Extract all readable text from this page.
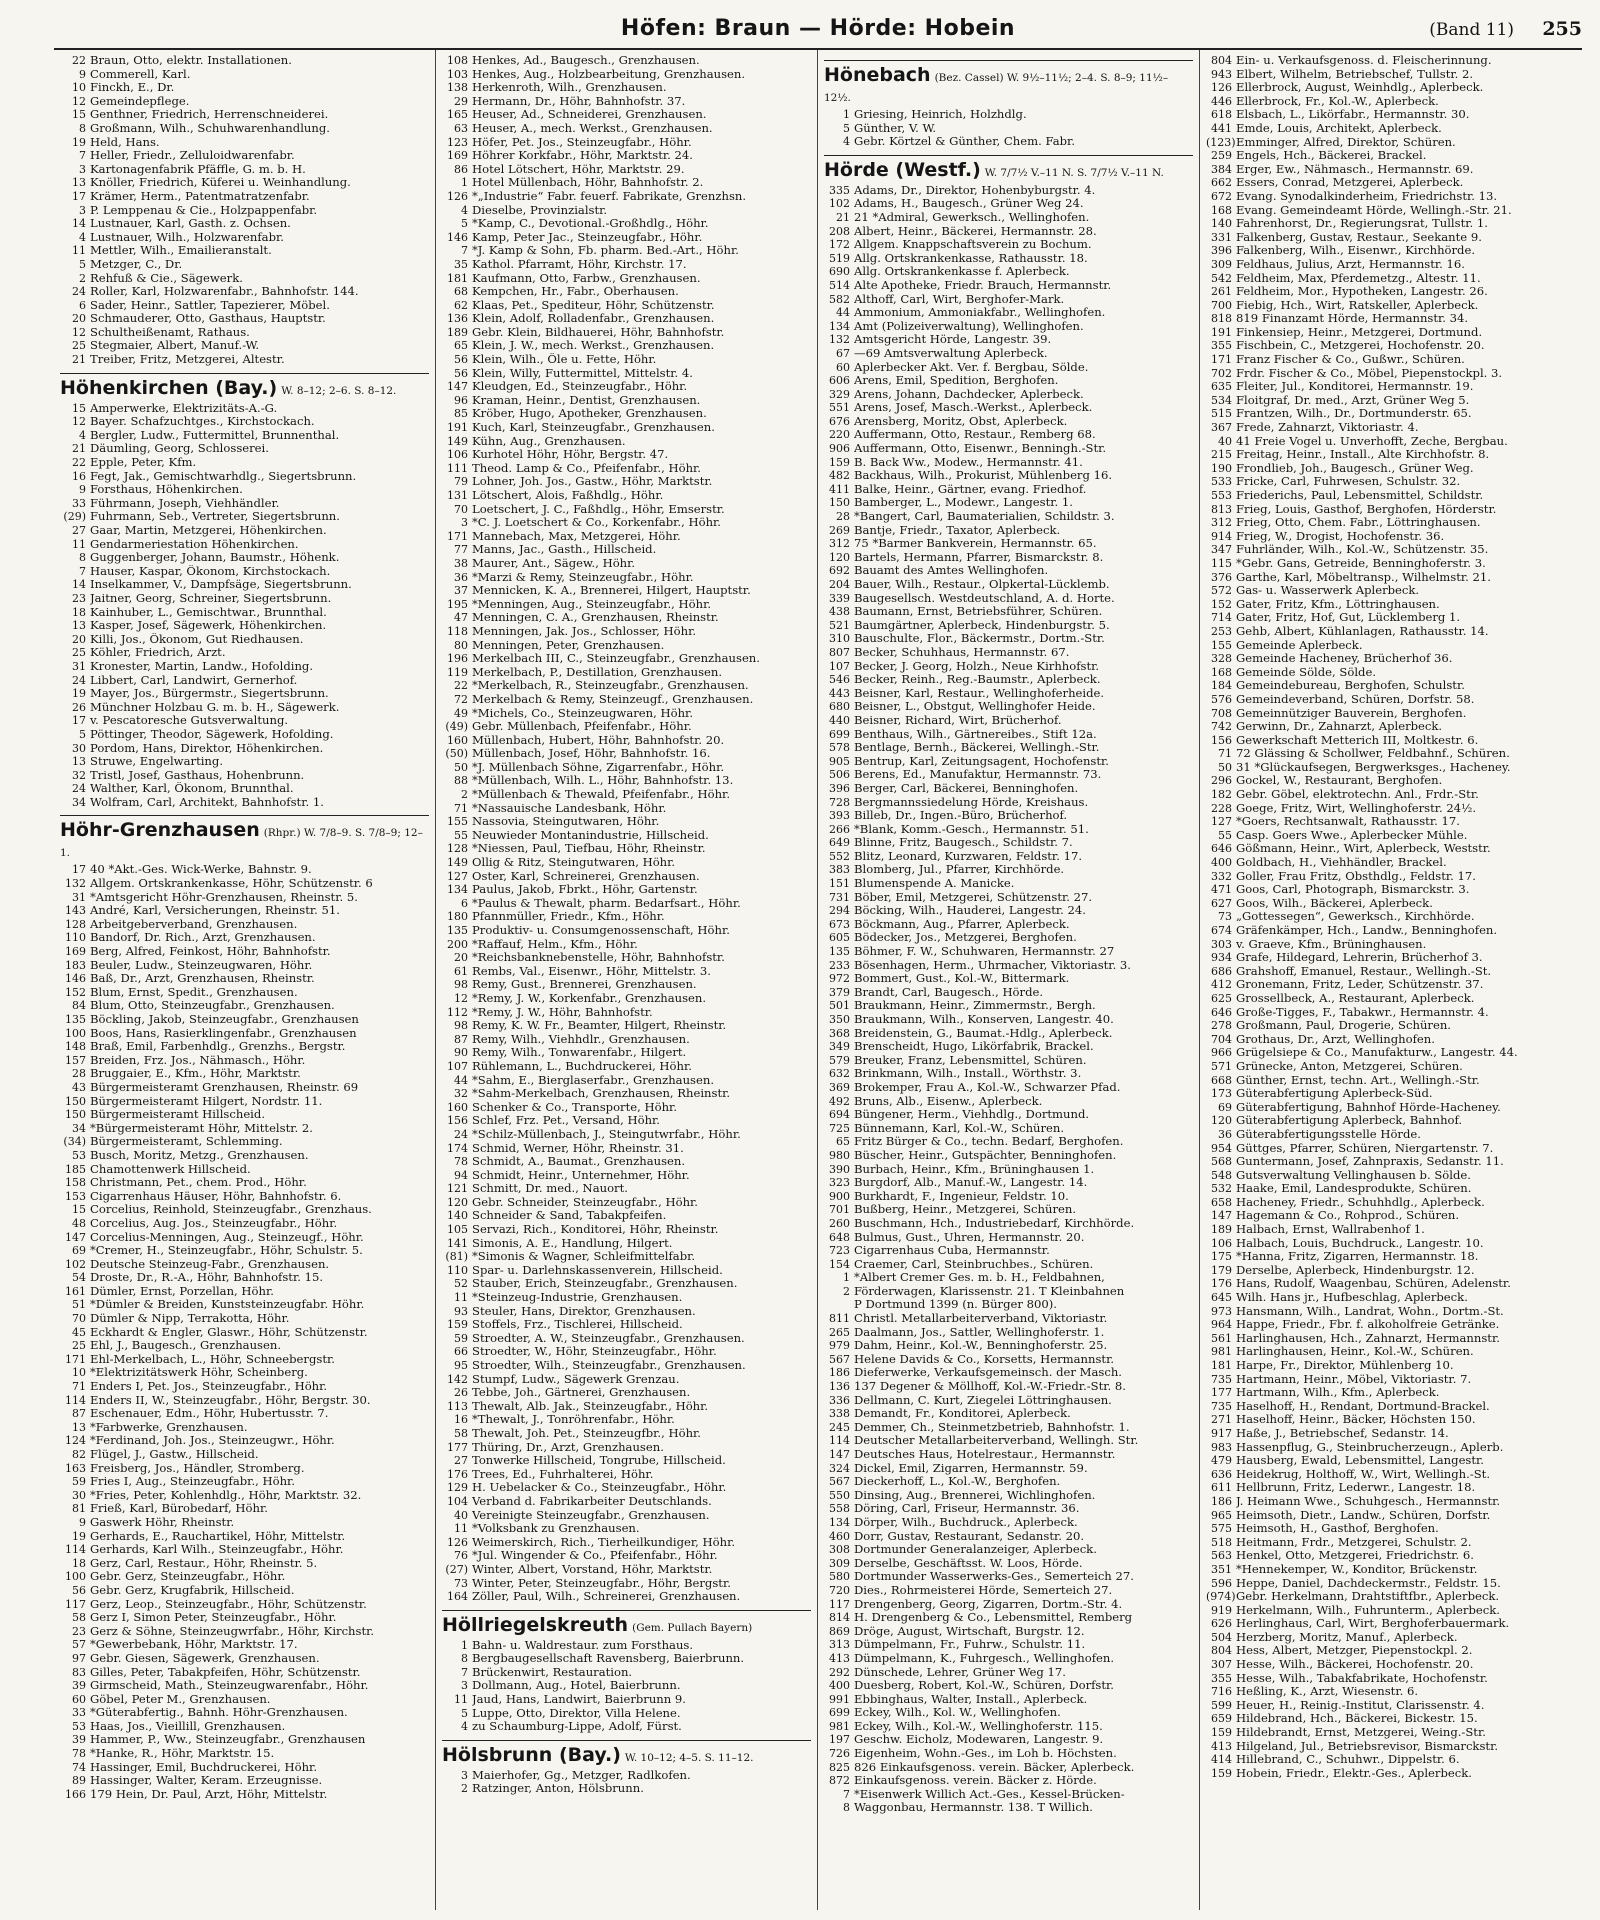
Höfen: Braun — Hörde: Hobein	(Band 11) 255
22 Braun, Otto, elektr. Installationen.
9 Commerell, Karl.
10 Finckh, E., Dr.
12 Gemeindepflege.
15 Genthner, Friedrich, Herrenschneiderei.
8 Großmann, Wilh., Schuhwarenhandlung.
19 Held, Hans.
7 Heller, Friedr., Zelluloidwarenfabr.
3 Kartonagenfabrik Pfäffle, G. m. b. H.
13 Knöller, Friedrich, Küferei u. Weinhandlung.
17 Krämer, Herm., Patentmatratzenfabr.
3 P. Lemppenau & Cie., Holzpappenfabr.
14 Lustnauer, Karl, Gasth. z. Ochsen.
4 Lustnauer, Wilh., Holzwarenfabr.
11 Mettler, Wilh., Emailieranstalt.
5 Metzger, C., Dr.
2 Rehfuß & Cie., Sägewerk.
24 Roller, Karl, Holzwarenfabr., Bahnhofstr. 144.
6 Sader, Heinr., Sattler, Tapezierer, Möbel.
20 Schmauderer, Otto, Gasthaus, Hauptstr.
12 Schultheißenamt, Rathaus.
25 Stegmaier, Albert, Manuf.-W.
21 Treiber, Fritz, Metzgerei, Altestr.
Höhenkirchen (Bay.) W. 8–12; 2–6. S. 8–12.
15 Amperwerke, Elektrizitäts-A.-G.
12 Bayer. Schafzuchtges., Kirchstockach.
4 Bergler, Ludw., Futtermittel, Brunnenthal.
21 Däumling, Georg, Schlosserei.
22 Epple, Peter, Kfm.
16 Fegt, Jak., Gemischtwarhdlg., Siegertsbrunn.
9 Forsthaus, Höhenkirchen.
33 Führmann, Joseph, Viehhändler.
(29) Fuhrmann, Seb., Vertreter, Siegertsbrunn.
27 Gaar, Martin, Metzgerei, Höhenkirchen.
11 Gendarmeriestation Höhenkirchen.
8 Guggenberger, Johann, Baumstr., Höhenk.
7 Hauser, Kaspar, Ökonom, Kirchstockach.
14 Inselkammer, V., Dampfsäge, Siegertsbrunn.
23 Jaitner, Georg, Schreiner, Siegertsbrunn.
18 Kainhuber, L., Gemischtwar., Brunnthal.
13 Kasper, Josef, Sägewerk, Höhenkirchen.
20 Killi, Jos., Ökonom, Gut Riedhausen.
25 Köhler, Friedrich, Arzt.
31 Kronester, Martin, Landw., Hofolding.
24 Libbert, Carl, Landwirt, Gernerhof.
19 Mayer, Jos., Bürgermstr., Siegertsbrunn.
26 Münchner Holzbau G. m. b. H., Sägewerk.
17 v. Pescatoresche Gutsverwaltung.
5 Pöttinger, Theodor, Sägewerk, Hofolding.
30 Pordom, Hans, Direktor, Höhenkirchen.
13 Struwe, Engelwarting.
32 Tristl, Josef, Gasthaus, Hohenbrunn.
24 Walther, Karl, Ökonom, Brunnthal.
34 Wolfram, Carl, Architekt, Bahnhofstr. 1.
Höhr-Grenzhausen (Rhpr.) W. 7/8–9. S. 7/8–9; 12–1.
17 40 *Akt.-Ges. Wick-Werke, Bahnstr. 9.
132 Allgem. Ortskrankenkasse, Höhr, Schützenstr. 6
31 *Amtsgericht Höhr-Grenzhausen, Rheinstr. 5.
143 André, Karl, Versicherungen, Rheinstr. 51.
128 Arbeitgeberverband, Grenzhausen.
110 Bandorf, Dr. Rich., Arzt, Grenzhausen.
169 Berg, Alfred, Feinkost, Höhr, Bahnhofstr.
183 Beuler, Ludw., Steinzeugwaren, Höhr.
146 Baß, Dr., Arzt, Grenzhausen, Rheinstr.
152 Blum, Ernst, Spedit., Grenzhausen.
84 Blum, Otto, Steinzeugfabr., Grenzhausen.
135 Böckling, Jakob, Steinzeugfabr., Grenzhausen
100 Boos, Hans, Rasierklingenfabr., Grenzhausen
148 Braß, Emil, Farbenhdlg., Grenzhs., Bergstr.
157 Breiden, Frz. Jos., Nähmasch., Höhr.
28 Bruggaier, E., Kfm., Höhr, Marktstr.
43 Bürgermeisteramt Grenzhausen, Rheinstr. 69
150 Bürgermeisteramt Hilgert, Nordstr. 11.
150 Bürgermeisteramt Hillscheid.
34 *Bürgermeisteramt Höhr, Mittelstr. 2.
(34) Bürgermeisteramt, Schlemming.
53 Busch, Moritz, Metzg., Grenzhausen.
185 Chamottenwerk Hillscheid.
158 Christmann, Pet., chem. Prod., Höhr.
153 Cigarrenhaus Häuser, Höhr, Bahnhofstr. 6.
15 Corcelius, Reinhold, Steinzeugfabr., Grenzhaus.
48 Corcelius, Aug. Jos., Steinzeugfabr., Höhr.
147 Corcelius-Menningen, Aug., Steinzeugf., Höhr.
69 *Cremer, H., Steinzeugfabr., Höhr, Schulstr. 5.
102 Deutsche Steinzeug-Fabr., Grenzhausen.
54 Droste, Dr., R.-A., Höhr, Bahnhofstr. 15.
161 Dümler, Ernst, Porzellan, Höhr.
51 *Dümler & Breiden, Kunststeinzeugfabr. Höhr.
70 Dümler & Nipp, Terrakotta, Höhr.
45 Eckhardt & Engler, Glaswr., Höhr, Schützenstr.
25 Ehl, J., Baugesch., Grenzhausen.
171 Ehl-Merkelbach, L., Höhr, Schneebergstr.
10 *Elektrizitätswerk Höhr, Scheinberg.
71 Enders I, Pet. Jos., Steinzeugfabr., Höhr.
114 Enders II, W., Steinzeugfabr., Höhr, Bergstr. 30.
87 Eschenauer, Edm., Höhr, Hubertusstr. 7.
13 *Farbwerke, Grenzhausen.
124 *Ferdinand, Joh. Jos., Steinzeugwr., Höhr.
82 Flügel, J., Gastw., Hillscheid.
163 Freisberg, Jos., Händler, Stromberg.
59 Fries I, Aug., Steinzeugfabr., Höhr.
30 *Fries, Peter, Kohlenhdlg., Höhr, Marktstr. 32.
81 Frieß, Karl, Bürobedarf, Höhr.
9 Gaswerk Höhr, Rheinstr.
19 Gerhards, E., Rauchartikel, Höhr, Mittelstr.
114 Gerhards, Karl Wilh., Steinzeugfabr., Höhr.
18 Gerz, Carl, Restaur., Höhr, Rheinstr. 5.
100 Gebr. Gerz, Steinzeugfabr., Höhr.
56 Gebr. Gerz, Krugfabrik, Hillscheid.
117 Gerz, Leop., Steinzeugfabr., Höhr, Schützenstr.
58 Gerz I, Simon Peter, Steinzeugfabr., Höhr.
23 Gerz & Söhne, Steinzeugwrfabr., Höhr, Kirchstr.
57 *Gewerbebank, Höhr, Marktstr. 17.
97 Gebr. Giesen, Sägewerk, Grenzhausen.
83 Gilles, Peter, Tabakpfeifen, Höhr, Schützenstr.
39 Girmscheid, Math., Steinzeugwarenfabr., Höhr.
60 Göbel, Peter M., Grenzhausen.
33 *Güterabfertig., Bahnh. Höhr-Grenzhausen.
53 Haas, Jos., Vieillill, Grenzhausen.
39 Hammer, P., Ww., Steinzeugfabr., Grenzhausen
78 *Hanke, R., Höhr, Marktstr. 15.
74 Hassinger, Emil, Buchdruckerei, Höhr.
89 Hassinger, Walter, Keram. Erzeugnisse.
166 179 Hein, Dr. Paul, Arzt, Höhr, Mittelstr.
108 Henkes, Ad., Baugesch., Grenzhausen.
103 Henkes, Aug., Holzbearbeitung, Grenzhausen.
138 Herkenroth, Wilh., Grenzhausen.
29 Hermann, Dr., Höhr, Bahnhofstr. 37.
165 Heuser, Ad., Schneiderei, Grenzhausen.
63 Heuser, A., mech. Werkst., Grenzhausen.
123 Höfer, Pet. Jos., Steinzeugfabr., Höhr.
169 Höhrer Korkfabr., Höhr, Marktstr. 24.
86 Hotel Lötschert, Höhr, Marktstr. 29.
1 Hotel Müllenbach, Höhr, Bahnhofstr. 2.
126 *„Industrie“ Fabr. feuerf. Fabrikate, Grenzhsn.
4 Dieselbe, Provinzialstr.
5 *Kamp, C., Devotional.-Großhdlg., Höhr.
146 Kamp, Peter Jac., Steinzeugfabr., Höhr.
7 *J. Kamp & Sohn, Fb. pharm. Bed.-Art., Höhr.
35 Kathol. Pfarramt, Höhr, Kirchstr. 17.
181 Kaufmann, Otto, Farbw., Grenzhausen.
68 Kempchen, Hr., Fabr., Oberhausen.
62 Klaas, Pet., Spediteur, Höhr, Schützenstr.
136 Klein, Adolf, Rolladenfabr., Grenzhausen.
189 Gebr. Klein, Bildhauerei, Höhr, Bahnhofstr.
65 Klein, J. W., mech. Werkst., Grenzhausen.
56 Klein, Wilh., Öle u. Fette, Höhr.
56 Klein, Willy, Futtermittel, Mittelstr. 4.
147 Kleudgen, Ed., Steinzeugfabr., Höhr.
96 Kraman, Heinr., Dentist, Grenzhausen.
85 Kröber, Hugo, Apotheker, Grenzhausen.
191 Kuch, Karl, Steinzeugfabr., Grenzhausen.
149 Kühn, Aug., Grenzhausen.
106 Kurhotel Höhr, Höhr, Bergstr. 47.
111 Theod. Lamp & Co., Pfeifenfabr., Höhr.
79 Lohner, Joh. Jos., Gastw., Höhr, Marktstr.
131 Lötschert, Alois, Faßhdlg., Höhr.
70 Loetschert, J. C., Faßhdlg., Höhr, Emserstr.
3 *C. J. Loetschert & Co., Korkenfabr., Höhr.
171 Mannebach, Max, Metzgerei, Höhr.
77 Manns, Jac., Gasth., Hillscheid.
38 Maurer, Ant., Sägew., Höhr.
36 *Marzi & Remy, Steinzeugfabr., Höhr.
37 Mennicken, K. A., Brennerei, Hilgert, Hauptstr.
195 *Menningen, Aug., Steinzeugfabr., Höhr.
47 Menningen, C. A., Grenzhausen, Rheinstr.
118 Menningen, Jak. Jos., Schlosser, Höhr.
80 Menningen, Peter, Grenzhausen.
196 Merkelbach III, C., Steinzeugfabr., Grenzhausen.
119 Merkelbach, P., Destillation, Grenzhausen.
22 *Merkelbach, R., Steinzeugfabr., Grenzhausen.
72 Merkelbach & Remy, Steinzeugf., Grenzhausen.
49 *Michels, Co., Steinzeugwaren, Höhr.
(49) Gebr. Müllenbach, Pfeifenfabr., Höhr.
160 Müllenbach, Hubert, Höhr, Bahnhofstr. 20.
(50) Müllenbach, Josef, Höhr, Bahnhofstr. 16.
50 *J. Müllenbach Söhne, Zigarrenfabr., Höhr.
88 *Müllenbach, Wilh. L., Höhr, Bahnhofstr. 13.
2 *Müllenbach & Thewald, Pfeifenfabr., Höhr.
71 *Nassauische Landesbank, Höhr.
155 Nassovia, Steingutwaren, Höhr.
55 Neuwieder Montanindustrie, Hillscheid.
128 *Niessen, Paul, Tiefbau, Höhr, Rheinstr.
149 Ollig & Ritz, Steingutwaren, Höhr.
127 Oster, Karl, Schreinerei, Grenzhausen.
134 Paulus, Jakob, Fbrkt., Höhr, Gartenstr.
6 *Paulus & Thewalt, pharm. Bedarfsart., Höhr.
180 Pfannmüller, Friedr., Kfm., Höhr.
135 Produktiv- u. Consumgenossenschaft, Höhr.
200 *Raffauf, Helm., Kfm., Höhr.
20 *Reichsbanknebenstelle, Höhr, Bahnhofstr.
61 Rembs, Val., Eisenwr., Höhr, Mittelstr. 3.
98 Remy, Gust., Brennerei, Grenzhausen.
12 *Remy, J. W., Korkenfabr., Grenzhausen.
112 *Remy, J. W., Höhr, Bahnhofstr.
98 Remy, K. W. Fr., Beamter, Hilgert, Rheinstr.
87 Remy, Wilh., Viehhdlr., Grenzhausen.
90 Remy, Wilh., Tonwarenfabr., Hilgert.
107 Rühlemann, L., Buchdruckerei, Höhr.
44 *Sahm, E., Bierglaserfabr., Grenzhausen.
32 *Sahm-Merkelbach, Grenzhausen, Rheinstr.
160 Schenker & Co., Transporte, Höhr.
156 Schlef, Frz. Pet., Versand, Höhr.
24 *Schilz-Müllenbach, J., Steingutwrfabr., Höhr.
174 Schmid, Werner, Höhr, Rheinstr. 31.
78 Schmidt, A., Baumat., Grenzhausen.
94 Schmidt, Heinr., Unternehmer, Höhr.
121 Schmitt, Dr. med., Nauort.
120 Gebr. Schneider, Steinzeugfabr., Höhr.
140 Schneider & Sand, Tabakpfeifen.
105 Servazi, Rich., Konditorei, Höhr, Rheinstr.
141 Simonis, A. E., Handlung, Hilgert.
(81) *Simonis & Wagner, Schleifmittelfabr.
110 Spar- u. Darlehnskassenverein, Hillscheid.
52 Stauber, Erich, Steinzeugfabr., Grenzhausen.
11 *Steinzeug-Industrie, Grenzhausen.
93 Steuler, Hans, Direktor, Grenzhausen.
159 Stoffels, Frz., Tischlerei, Hillscheid.
59 Stroedter, A. W., Steinzeugfabr., Grenzhausen.
66 Stroedter, W., Höhr, Steinzeugfabr., Höhr.
95 Stroedter, Wilh., Steinzeugfabr., Grenzhausen.
142 Stumpf, Ludw., Sägewerk Grenzau.
26 Tebbe, Joh., Gärtnerei, Grenzhausen.
113 Thewalt, Alb. Jak., Steinzeugfabr., Höhr.
16 *Thewalt, J., Tonröhrenfabr., Höhr.
58 Thewalt, Joh. Pet., Steinzeugfbr., Höhr.
177 Thüring, Dr., Arzt, Grenzhausen.
27 Tonwerke Hillscheid, Tongrube, Hillscheid.
176 Trees, Ed., Fuhrhalterei, Höhr.
129 H. Uebelacker & Co., Steinzeugfabr., Höhr.
104 Verband d. Fabrikarbeiter Deutschlands.
40 Vereinigte Steinzeugfabr., Grenzhausen.
11 *Volksbank zu Grenzhausen.
126 Weimerskirch, Rich., Tierheilkundiger, Höhr.
76 *Jul. Wingender & Co., Pfeifenfabr., Höhr.
(27) Winter, Albert, Vorstand, Höhr, Marktstr.
73 Winter, Peter, Steinzeugfabr., Höhr, Bergstr.
164 Zöller, Paul, Wilh., Schreinerei, Grenzhausen.
Höllriegelskreuth (Gem. Pullach Bayern)
1 Bahn- u. Waldrestaur. zum Forsthaus.
8 Bergbaugesellschaft Ravensberg, Baierbrunn.
7 Brückenwirt, Restauration.
3 Dollmann, Aug., Hotel, Baierbrunn.
11 Jaud, Hans, Landwirt, Baierbrunn 9.
5 Luppe, Otto, Direktor, Villa Helene.
4 zu Schaumburg-Lippe, Adolf, Fürst.
Hölsbrunn (Bay.) W. 10–12; 4–5. S. 11–12.
3 Maierhofer, Gg., Metzger, Radlkofen.
2 Ratzinger, Anton, Hölsbrunn.
Hönebach (Bez. Cassel) W. 9½–11½; 2–4. S. 8–9; 11½–12½.
1 Griesing, Heinrich, Holzhdlg.
5 Günther, V. W.
4 Gebr. Körtzel & Günther, Chem. Fabr.
Hörde (Westf.) W. 7/7½ V.–11 N. S. 7/7½ V.–11 N.
335 Adams, Dr., Direktor, Hohenbyburgstr. 4.
102 Adams, H., Baugesch., Grüner Weg 24.
21 21 *Admiral, Gewerksch., Wellinghofen.
208 Albert, Heinr., Bäckerei, Hermannstr. 28.
172 Allgem. Knappschaftsverein zu Bochum.
519 Allg. Ortskrankenkasse, Rathausstr. 18.
690 Allg. Ortskrankenkasse f. Aplerbeck.
514 Alte Apotheke, Friedr. Brauch, Hermannstr.
582 Althoff, Carl, Wirt, Berghofer-Mark.
44 Ammonium, Ammoniakfabr., Wellinghofen.
134 Amt (Polizeiverwaltung), Wellinghofen.
132 Amtsgericht Hörde, Langestr. 39.
67 —69 Amtsverwaltung Aplerbeck.
60 Aplerbecker Akt. Ver. f. Bergbau, Sölde.
606 Arens, Emil, Spedition, Berghofen.
329 Arens, Johann, Dachdecker, Aplerbeck.
551 Arens, Josef, Masch.-Werkst., Aplerbeck.
676 Arensberg, Moritz, Obst, Aplerbeck.
220 Auffermann, Otto, Restaur., Remberg 68.
906 Auffermann, Otto, Eisenwr., Benningh.-Str.
159 B. Back Ww., Modew., Hermannstr. 41.
482 Backhaus, Wilh., Prokurist, Mühlenberg 16.
411 Balke, Heinr., Gärtner, evang. Friedhof.
150 Bamberger, L., Modewr., Langestr. 1.
28 *Bangert, Carl, Baumaterialien, Schildstr. 3.
269 Bantje, Friedr., Taxator, Aplerbeck.
312 75 *Barmer Bankverein, Hermannstr. 65.
120 Bartels, Hermann, Pfarrer, Bismarckstr. 8.
692 Bauamt des Amtes Wellinghofen.
204 Bauer, Wilh., Restaur., Olpkertal-Lücklemb.
339 Baugesellsch. Westdeutschland, A. d. Horte.
438 Baumann, Ernst, Betriebsführer, Schüren.
521 Baumgärtner, Aplerbeck, Hindenburgstr. 5.
310 Bauschulte, Flor., Bäckermstr., Dortm.-Str.
807 Becker, Schuhhaus, Hermannstr. 67.
107 Becker, J. Georg, Holzh., Neue Kirhhofstr.
546 Becker, Reinh., Reg.-Baumstr., Aplerbeck.
443 Beisner, Karl, Restaur., Wellinghoferheide.
680 Beisner, L., Obstgut, Wellinghofer Heide.
440 Beisner, Richard, Wirt, Brücherhof.
699 Benthaus, Wilh., Gärtnereibes., Stift 12a.
578 Bentlage, Bernh., Bäckerei, Wellingh.-Str.
905 Bentrup, Karl, Zeitungsagent, Hochofenstr.
506 Berens, Ed., Manufaktur, Hermannstr. 73.
396 Berger, Carl, Bäckerei, Benninghofen.
728 Bergmannssiedelung Hörde, Kreishaus.
393 Billeb, Dr., Ingen.-Büro, Brücherhof.
266 *Blank, Komm.-Gesch., Hermannstr. 51.
649 Blinne, Fritz, Baugesch., Schildstr. 7.
552 Blitz, Leonard, Kurzwaren, Feldstr. 17.
383 Blomberg, Jul., Pfarrer, Kirchhörde.
151 Blumenspende A. Manicke.
731 Böber, Emil, Metzgerei, Schützenstr. 27.
294 Böcking, Wilh., Hauderei, Langestr. 24.
673 Böckmann, Aug., Pfarrer, Aplerbeck.
605 Bödecker, Jos., Metzgerei, Berghofen.
135 Böhmer, F. W., Schuhwaren, Hermannstr. 27
233 Bösenhagen, Herm., Uhrmacher, Viktoriastr. 3.
972 Bommert, Gust., Kol.-W., Bittermark.
379 Brandt, Carl, Baugesch., Hörde.
501 Braukmann, Heinr., Zimmermstr., Bergh.
350 Braukmann, Wilh., Konserven, Langestr. 40.
368 Breidenstein, G., Baumat.-Hdlg., Aplerbeck.
349 Brenscheidt, Hugo, Likörfabrik, Brackel.
579 Breuker, Franz, Lebensmittel, Schüren.
632 Brinkmann, Wilh., Install., Wörthstr. 3.
369 Brokemper, Frau A., Kol.-W., Schwarzer Pfad.
492 Bruns, Alb., Eisenw., Aplerbeck.
694 Büngener, Herm., Viehhdlg., Dortmund.
725 Bünnemann, Karl, Kol.-W., Schüren.
65 Fritz Bürger & Co., techn. Bedarf, Berghofen.
980 Büscher, Heinr., Gutspächter, Benninghofen.
390 Burbach, Heinr., Kfm., Brüninghausen 1.
323 Burgdorf, Alb., Manuf.-W., Langestr. 14.
900 Burkhardt, F., Ingenieur, Feldstr. 10.
701 Bußberg, Heinr., Metzgerei, Schüren.
260 Buschmann, Hch., Industriebedarf, Kirchhörde.
648 Bulmus, Gust., Uhren, Hermannstr. 20.
723 Cigarrenhaus Cuba, Hermannstr.
154 Craemer, Carl, Steinbruchbes., Schüren.
1 *Albert Cremer Ges. m. b. H., Feldbahnen,
2 Förderwagen, Klarissenstr. 21. T Kleinbahnen
P Dortmund 1399 (n. Bürger 800).
811 Christl. Metallarbeiterverband, Viktoriastr.
265 Daalmann, Jos., Sattler, Wellinghoferstr. 1.
979 Dahm, Heinr., Kol.-W., Benninghoferstr. 25.
567 Helene Davids & Co., Korsetts, Hermannstr.
186 Dieferwerke, Verkaufsgemeinsch. der Masch.
136 137 Degener & Möllhoff, Kol.-W.-Friedr.-Str. 8.
336 Dellmann, C. Kurt, Ziegelei Löttringhausen.
338 Demandt, Fr., Konditorei, Aplerbeck.
245 Demmer, Ch., Steinmetzbetrieb, Bahnhofstr. 1.
114 Deutscher Metallarbeiterverband, Wellingh. Str.
147 Deutsches Haus, Hotelrestaur., Hermannstr.
324 Dickel, Emil, Zigarren, Hermannstr. 59.
567 Dieckerhoff, L., Kol.-W., Berghofen.
550 Dinsing, Aug., Brennerei, Wichlinghofen.
558 Döring, Carl, Friseur, Hermannstr. 36.
134 Dörper, Wilh., Buchdruck., Aplerbeck.
460 Dorr, Gustav, Restaurant, Sedanstr. 20.
308 Dortmunder Generalanzeiger, Aplerbeck.
309 Derselbe, Geschäftsst. W. Loos, Hörde.
580 Dortmunder Wasserwerks-Ges., Semerteich 27.
720 Dies., Rohrmeisterei Hörde, Semerteich 27.
117 Drengenberg, Georg, Zigarren, Dortm.-Str. 4.
814 H. Drengenberg & Co., Lebensmittel, Remberg
869 Dröge, August, Wirtschaft, Burgstr. 12.
313 Dümpelmann, Fr., Fuhrw., Schulstr. 11.
413 Dümpelmann, K., Fuhrgesch., Wellinghofen.
292 Dünschede, Lehrer, Grüner Weg 17.
400 Duesberg, Robert, Kol.-W., Schüren, Dorfstr.
991 Ebbinghaus, Walter, Install., Aplerbeck.
699 Eckey, Wilh., Kol. W., Wellinghofen.
981 Eckey, Wilh., Kol.-W., Wellinghoferstr. 115.
197 Geschw. Eicholz, Modewaren, Langestr. 9.
726 Eigenheim, Wohn.-Ges., im Loh b. Höchsten.
825 826 Einkaufsgenoss. verein. Bäcker, Aplerbeck.
872 Einkaufsgenoss. verein. Bäcker z. Hörde.
7 *Eisenwerk Willich Act.-Ges., Kessel-Brücken-
8 Waggonbau, Hermannstr. 138. T Willich.
804 Ein- u. Verkaufsgenoss. d. Fleischerinnung.
943 Elbert, Wilhelm, Betriebschef, Tullstr. 2.
126 Ellerbrock, August, Weinhdlg., Aplerbeck.
446 Ellerbrock, Fr., Kol.-W., Aplerbeck.
618 Elsbach, L., Likörfabr., Hermannstr. 30.
441 Emde, Louis, Architekt, Aplerbeck.
(123) Emminger, Alfred, Direktor, Schüren.
259 Engels, Hch., Bäckerei, Brackel.
384 Erger, Ew., Nähmasch., Hermannstr. 69.
662 Essers, Conrad, Metzgerei, Aplerbeck.
672 Evang. Synodalkinderheim, Friedrichstr. 13.
168 Evang. Gemeindeamt Hörde, Wellingh.-Str. 21.
140 Fahrenhorst, Dr., Regierungsrat, Tullstr. 1.
331 Falkenberg, Gustav, Restaur., Seekante 9.
396 Falkenberg, Wilh., Eisenwr., Kirchhörde.
309 Feldhaus, Julius, Arzt, Hermannstr. 16.
542 Feldheim, Max, Pferdemetzg., Altestr. 11.
261 Feldheim, Mor., Hypotheken, Langestr. 26.
700 Fiebig, Hch., Wirt, Ratskeller, Aplerbeck.
818 819 Finanzamt Hörde, Hermannstr. 34.
191 Finkensiep, Heinr., Metzgerei, Dortmund.
355 Fischbein, C., Metzgerei, Hochofenstr. 20.
171 Franz Fischer & Co., Gußwr., Schüren.
702 Frdr. Fischer & Co., Möbel, Piepenstockpl. 3.
635 Fleiter, Jul., Konditorei, Hermannstr. 19.
534 Floitgraf, Dr. med., Arzt, Grüner Weg 5.
515 Frantzen, Wilh., Dr., Dortmunderstr. 65.
367 Frede, Zahnarzt, Viktoriastr. 4.
40 41 Freie Vogel u. Unverhofft, Zeche, Bergbau.
215 Freitag, Heinr., Install., Alte Kirchhofstr. 8.
190 Frondlieb, Joh., Baugesch., Grüner Weg.
533 Fricke, Carl, Fuhrwesen, Schulstr. 32.
553 Friederichs, Paul, Lebensmittel, Schildstr.
813 Frieg, Louis, Gasthof, Berghofen, Hörderstr.
312 Frieg, Otto, Chem. Fabr., Löttringhausen.
914 Frieg, W., Drogist, Hochofenstr. 36.
347 Fuhrländer, Wilh., Kol.-W., Schützenstr. 35.
115 *Gebr. Gans, Getreide, Benninghoferstr. 3.
376 Garthe, Karl, Möbeltransp., Wilhelmstr. 21.
572 Gas- u. Wasserwerk Aplerbeck.
152 Gater, Fritz, Kfm., Löttringhausen.
714 Gater, Fritz, Hof, Gut, Lücklemberg 1.
253 Gehb, Albert, Kühlanlagen, Rathausstr. 14.
155 Gemeinde Aplerbeck.
328 Gemeinde Hacheney, Brücherhof 36.
168 Gemeinde Sölde, Sölde.
184 Gemeindebureau, Berghofen, Schulstr.
576 Gemeindeverband, Schüren, Dorfstr. 58.
708 Gemeinnütziger Bauverein, Berghofen.
742 Gerwinn, Dr., Zahnarzt, Aplerbeck.
156 Gewerkschaft Metterich III, Moltkestr. 6.
71 72 Glässing & Schollwer, Feldbahnf., Schüren.
50 31 *Glückaufsegen, Bergwerksges., Hacheney.
296 Gockel, W., Restaurant, Berghofen.
182 Gebr. Göbel, elektrotechn. Anl., Frdr.-Str.
228 Goege, Fritz, Wirt, Wellinghoferstr. 24½.
127 *Goers, Rechtsanwalt, Rathausstr. 17.
55 Casp. Goers Wwe., Aplerbecker Mühle.
646 Gößmann, Heinr., Wirt, Aplerbeck, Weststr.
400 Goldbach, H., Viehhändler, Brackel.
332 Goller, Frau Fritz, Obsthdlg., Feldstr. 17.
471 Goos, Carl, Photograph, Bismarckstr. 3.
627 Goos, Wilh., Bäckerei, Aplerbeck.
73 „Gottessegen“, Gewerksch., Kirchhörde.
674 Gräfenkämper, Hch., Landw., Benninghofen.
303 v. Graeve, Kfm., Brüninghausen.
934 Grafe, Hildegard, Lehrerin, Brücherhof 3.
686 Grahshoff, Emanuel, Restaur., Wellingh.-St.
412 Gronemann, Fritz, Leder, Schützenstr. 37.
625 Grossellbeck, A., Restaurant, Aplerbeck.
646 Große-Tigges, F., Tabakwr., Hermannstr. 4.
278 Großmann, Paul, Drogerie, Schüren.
704 Grothaus, Dr., Arzt, Wellinghofen.
966 Grügelsiepe & Co., Manufakturw., Langestr. 44.
571 Grünecke, Anton, Metzgerei, Schüren.
668 Günther, Ernst, techn. Art., Wellingh.-Str.
173 Güterabfertigung Aplerbeck-Süd.
69 Güterabfertigung, Bahnhof Hörde-Hacheney.
120 Güterabfertigung Aplerbeck, Bahnhof.
36 Güterabfertigungsstelle Hörde.
954 Güttges, Pfarrer, Schüren, Niergartenstr. 7.
568 Guntermann, Josef, Zahnpraxis, Sedanstr. 11.
548 Gutsverwaltung Vellinghausen b. Sölde.
532 Haake, Emil, Landesprodukte, Schüren.
658 Hacheney, Friedr., Schuhhdlg., Aplerbeck.
147 Hagemann & Co., Rohprod., Schüren.
189 Halbach, Ernst, Wallrabenhof 1.
106 Halbach, Louis, Buchdruck., Langestr. 10.
175 *Hanna, Fritz, Zigarren, Hermannstr. 18.
179 Derselbe, Aplerbeck, Hindenburgstr. 12.
176 Hans, Rudolf, Waagenbau, Schüren, Adelenstr.
645 Wilh. Hans jr., Hufbeschlag, Aplerbeck.
973 Hansmann, Wilh., Landrat, Wohn., Dortm.-St.
964 Happe, Friedr., Fbr. f. alkoholfreie Getränke.
561 Harlinghausen, Hch., Zahnarzt, Hermannstr.
981 Harlinghausen, Heinr., Kol.-W., Schüren.
181 Harpe, Fr., Direktor, Mühlenberg 10.
735 Hartmann, Heinr., Möbel, Viktoriastr. 7.
177 Hartmann, Wilh., Kfm., Aplerbeck.
735 Haselhoff, H., Rendant, Dortmund-Brackel.
271 Haselhoff, Heinr., Bäcker, Höchsten 150.
917 Haße, J., Betriebschef, Sedanstr. 14.
983 Hassenpflug, G., Steinbrucherzeugn., Aplerb.
479 Hausberg, Ewald, Lebensmittel, Langestr.
636 Heidekrug, Holthoff, W., Wirt, Wellingh.-St.
611 Hellbrunn, Fritz, Lederwr., Langestr. 18.
186 J. Heimann Wwe., Schuhgesch., Hermannstr.
965 Heimsoth, Dietr., Landw., Schüren, Dorfstr.
575 Heimsoth, H., Gasthof, Berghofen.
518 Heitmann, Frdr., Metzgerei, Schulstr. 2.
563 Henkel, Otto, Metzgerei, Friedrichstr. 6.
351 *Hennekemper, W., Konditor, Brückenstr.
596 Heppe, Daniel, Dachdeckermstr., Feldstr. 15.
(974) Gebr. Herkelmann, Drahtstiftfbr., Aplerbeck.
919 Herkelmann, Wilh., Fuhrunterm., Aplerbeck.
626 Herlinghaus, Carl, Wirt, Berghoferbauermark.
504 Herzberg, Moritz, Manuf., Aplerbeck.
804 Hess, Albert, Metzger, Piepenstockpl. 2.
307 Hesse, Wilh., Bäckerei, Hochofenstr. 20.
355 Hesse, Wilh., Tabakfabrikate, Hochofenstr.
716 Heßling, K., Arzt, Wiesenstr. 6.
599 Heuer, H., Reinig.-Institut, Clarissenstr. 4.
659 Hildebrand, Hch., Bäckerei, Bickestr. 15.
159 Hildebrandt, Ernst, Metzgerei, Weing.-Str.
413 Hilgeland, Jul., Betriebsrevisor, Bismarckstr.
414 Hillebrand, C., Schuhwr., Dippelstr. 6.
159 Hobein, Friedr., Elektr.-Ges., Aplerbeck.
